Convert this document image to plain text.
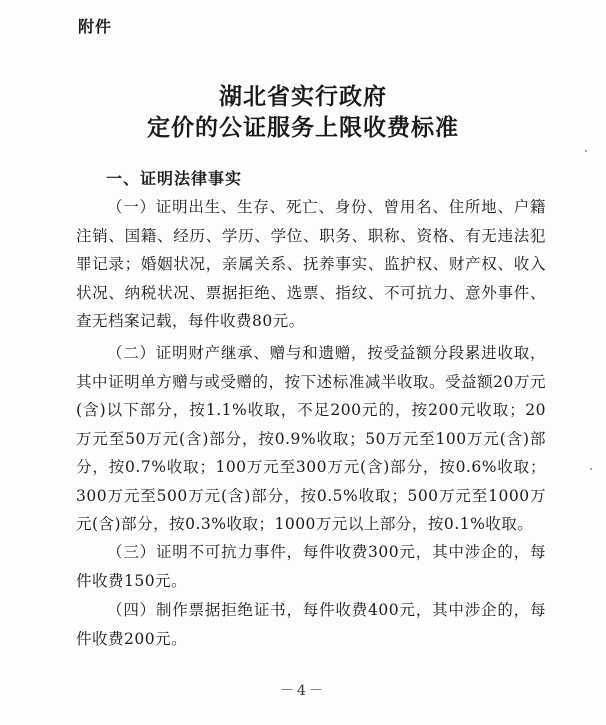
附件
湖北省实行政府
定价的公证服务上限收费标准
一、证明法律事实

（一）证明出生、生存、死亡、身份、曾用名、住所地、户籍注销、国籍、经历、学历、学位、职务、职称、资格、有无违法犯罪记录；婚姻状况，亲属关系、抚养事实、监护权、财产权、收入状况、纳税状况、票据拒绝、选票、指纹、不可抗力、意外事件、查无档案记载，每件收费80元。

（二）证明财产继承、赠与和遗赠，按受益额分段累进收取，其中证明单方赠与或受赠的，按下述标准减半收取。受益额20万元(含)以下部分，按1.1%收取，不足200元的，按200元收取；20万元至50万元(含)部分，按0.9%收取；50万元至100万元(含)部分，按0.7%收取；100万元至300万元(含)部分，按0.6%收取；300万元至500万元(含)部分，按0.5%收取；500万元至1000万元(含)部分，按0.3%收取；1000万元以上部分，按0.1%收取。

（三）证明不可抗力事件，每件收费300元，其中涉企的，每件收费150元。

（四）制作票据拒绝证书，每件收费400元，其中涉企的，每件收费200元。

－4－
